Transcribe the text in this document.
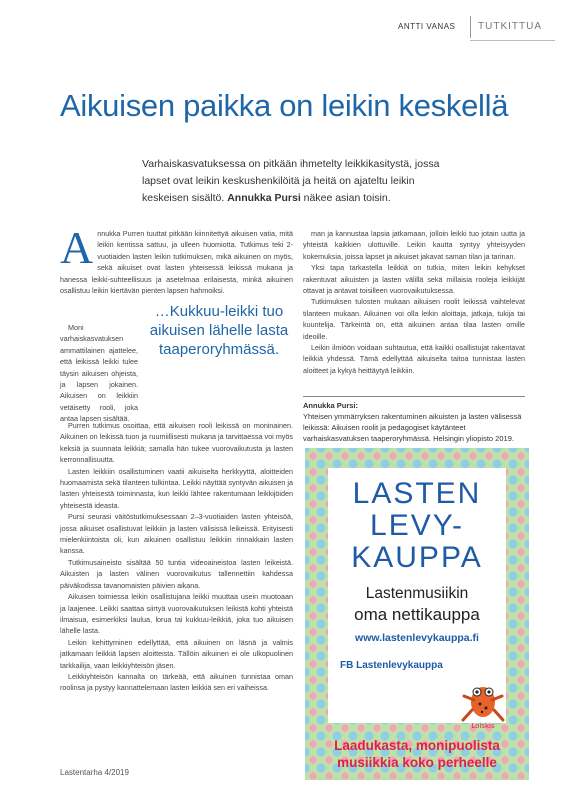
ANTTI VANAS TUTKITTUA
Aikuisen paikka on leikin keskellä
Varhaiskasvatuksessa on pitkään ihmetelty leikkikasitystä, jossa lapset ovat leikin keskushenkilöitä ja heitä on ajateltu leikin keskeisen sisältö. Annukka Pursi näkee asian toisin.
A nnukka Purren tuuttat pitkään kiinnitettyä aikuisen vatia, mitä leikin kentissa sattuu, ja ulleen huomiotta. Tutkimus teki 2-vuotiaiden lasten leikin tutkimuksen, mikä aikuinen on myös, sekä aikuiset ovat lasten yhteisessä leikissä mukana ja hanessa leikki-suhteellisuus ja asetelmaa erilaisesta, minkä aikuinen osallistuu leikin kiertävän pienten lapsen hahmoiksi.

Moni varhaiskasvatuksen ammattilainen ajattelee, että leikissä leikki tulee täysin aikuisen ohjeista, ja lapsen jokainen. Aikuisen on leikkiin vetäisetty rooli, joka antaa lapsen sisältää.

…Kukkuu-leikki tuo aikuisen lähelle lasta taaperoryhmässä.

Purren tutkimus osoittaa, että aikuisen rooli leikissä on moninainen. Aikuinen on leikissä tuon ja ruumiillisesti mukana ja tarvittaessa voi myös keksiä ja suunnata leikkiä; samalla hän tukee vuorovaikutusta ja lasten kerronnallisuutta.

Lasten leikkiin osallistuminen vaatii aikuiselta herkkyyttä, aloitteiden huomaamista sekä tilanteen tulkintaa. Leikki näyttää syntyvän aikuisen ja lasten yhteisestä toiminnasta, kun leikki lähtee rakentumaan leikkijöiden yhteisestä ideasta.

Pursi seurasi väitöstutkimuksessaan 2–3-vuotiaiden lasten yhteisöä, jossa aikuiset osallistuvat leikkiin ja lasten välisissä leikeissä. Erityisesti mielenkiintoista oli, kun aikuinen osallistuu leikkiin rinnakkain lasten kanssa.

Tutkimusaineisto sisältää 50 tuntia videoaineistoa lasten leikeistä. Aikuisten ja lasten välinen vuorovaikutus tallennettiin kahdessa päiväkodissa tavanomaisten päivien aikana.

Aikuisen toimiessa leikin osallistujana leikki muuttaa usein muotoaan ja laajenee. Leikki saattaa siirtyä vuorovaikutuksen leikistä kohti yhteistä ilmaisua, esimerkiksi laulua, lorua tai kukkuu-leikkiä, joka tuo aikuisen lähelle lasta.

Leikin kehittyminen edellyttää, että aikuinen on läsnä ja valmis jatkamaan leikkiä lapsen aloitteista. Tällöin aikuinen ei ole ulkopuolinen tarkkailija, vaan leikkiyhteisön jäsen.

Leikkiyhteisön kannalta on tärkeää, että aikuinen tunnistaa oman roolinsa ja pystyy kannattelemaan lasten leikkiä sen eri vaiheissa.

man ja kannustaa lapsia jatkamaan, jolloin leikki tuo jotain uutta ja yhteistä kaikkien ulottuville. Leikin kautta syntyy yhteisyyden kokemuksia, joissa lapset ja aikuiset jakavat saman tilan ja tarinan.

Yksi tapa tarkastella leikkiä on tutkia, miten leikin kehykset rakentuvat aikuisten ja lasten välillä sekä millaisia rooleja leikkijät ottavat ja antavat toisilleen vuorovaikutuksessa.

Tutkimuksen tulosten mukaan aikuisen roolit leikissä vaihtelevat tilanteen mukaan. Aikuinen voi olla leikin aloittaja, jatkaja, tukija tai kuuntelija. Tärkeintä on, että aikuinen antaa tilaa lasten omille ideoille.

Leikin ilmiöön voidaan suhtautua, että kaikki osallistujat rakentavat leikkiä yhdessä. Tämä edellyttää aikuiselta taitoa tunnistaa lasten aloitteet ja kykyä heittäytyä leikkiin.

Annukka Pursi:
Yhteisen ymmärryksen rakentuminen aikuisten ja lasten välisessä leikissä: Aikuisen roolit ja pedagogiset käytänteet varhaiskasvatuksen taaperoryhmässä. Helsingin yliopisto 2019.
Lastentarha 4/2019
LASTEN
LEVY-
KAUPPA
Lastenmusiikin
oma nettikauppa
www.lastenlevykauppa.fi
FB Lastenlevykauppa
Loiskis
Laadukasta, monipuolista
musiikkia koko perheelle
